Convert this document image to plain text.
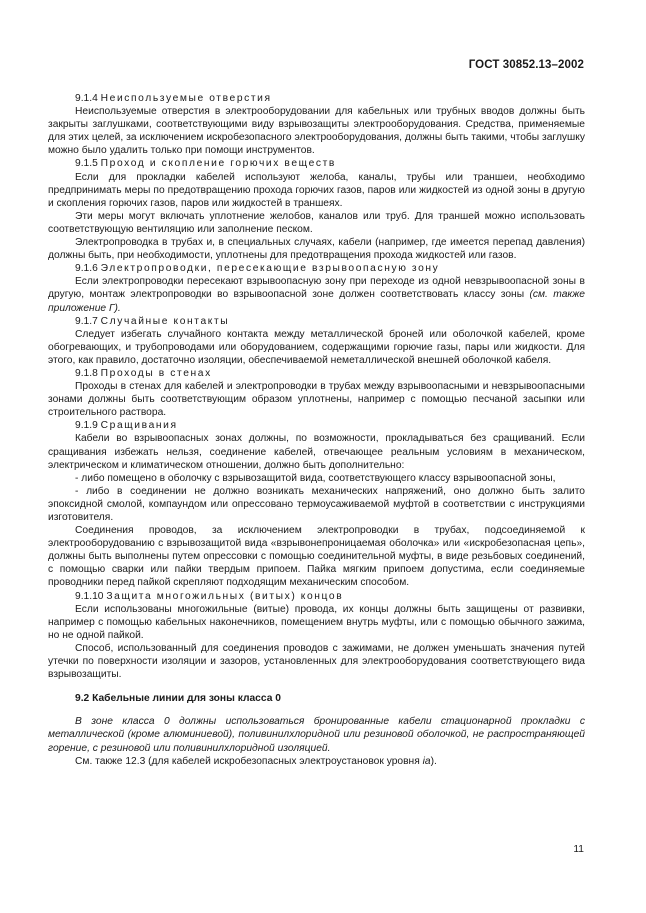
ГОСТ 30852.13–2002

9.1.4 Неиспользуемые отверстия

Неиспользуемые отверстия в электрооборудовании для кабельных или трубных вводов должны быть закрыты заглушками, соответствующими виду взрывозащиты электрооборудования. Средства, применяемые для этих целей, за исключением искробезопасного электрооборудования, должны быть такими, чтобы заглушку можно было удалить только при помощи инструментов.

9.1.5 Проход и скопление горючих веществ

Если для прокладки кабелей используют желоба, каналы, трубы или траншеи, необходимо предпринимать меры по предотвращению прохода горючих газов, паров или жидкостей из одной зоны в другую и скопления горючих газов, паров или жидкостей в траншеях.

Эти меры могут включать уплотнение желобов, каналов или труб. Для траншей можно использовать соответствующую вентиляцию или заполнение песком.

Электропроводка в трубах и, в специальных случаях, кабели (например, где имеется перепад давления) должны быть, при необходимости, уплотнены для предотвращения прохода жидкостей или газов.

9.1.6 Электропроводки, пересекающие взрывоопасную зону

Если электропроводки пересекают взрывоопасную зону при переходе из одной невзрывоопасной зоны в другую, монтаж электропроводки во взрывоопасной зоне должен соответствовать классу зоны (см. также приложение Г).

9.1.7 Случайные контакты

Следует избегать случайного контакта между металлической броней или оболочкой кабелей, кроме обогревающих, и трубопроводами или оборудованием, содержащими горючие газы, пары или жидкости. Для этого, как правило, достаточно изоляции, обеспечиваемой неметаллической внешней оболочкой кабеля.

9.1.8 Проходы в стенах

Проходы в стенах для кабелей и электропроводки в трубах между взрывоопасными и невзрывоопасными зонами должны быть соответствующим образом уплотнены, например с помощью песчаной засыпки или строительного раствора.

9.1.9 Сращивания

Кабели во взрывоопасных зонах должны, по возможности, прокладываться без сращиваний. Если сращивания избежать нельзя, соединение кабелей, отвечающее реальным условиям в механическом, электрическом и климатическом отношении, должно быть дополнительно:

- либо помещено в оболочку с взрывозащитой вида, соответствующего классу взрывоопасной зоны,

- либо в соединении не должно возникать механических напряжений, оно должно быть залито эпоксидной смолой, компаундом или опрессовано термоусаживаемой муфтой в соответствии с инструкциями изготовителя.

Соединения проводов, за исключением электропроводки в трубах, подсоединяемой к электрооборудованию с взрывозащитой вида «взрывонепроницаемая оболочка» или «искробезопасная цепь», должны быть выполнены путем опрессовки с помощью соединительной муфты, в виде резьбовых соединений, с помощью сварки или пайки твердым припоем. Пайка мягким припоем допустима, если соединяемые проводники перед пайкой скрепляют подходящим механическим способом.

9.1.10 Защита многожильных (витых) концов

Если использованы многожильные (витые) провода, их концы должны быть защищены от развивки, например с помощью кабельных наконечников, помещением внутрь муфты, или с помощью обычного зажима, но не одной пайкой.

Способ, использованный для соединения проводов с зажимами, не должен уменьшать значения путей утечки по поверхности изоляции и зазоров, установленных для электрооборудования соответствующего вида взрывозащиты.

9.2 Кабельные линии для зоны класса 0

В зоне класса 0 должны использоваться бронированные кабели стационарной прокладки с металлической (кроме алюминиевой), поливинилхлоридной или резиновой оболочкой, не распространяющей горение, с резиновой или поливинилхлоридной изоляцией.

См. также 12.3 (для кабелей искробезопасных электроустановок уровня ia).

11
